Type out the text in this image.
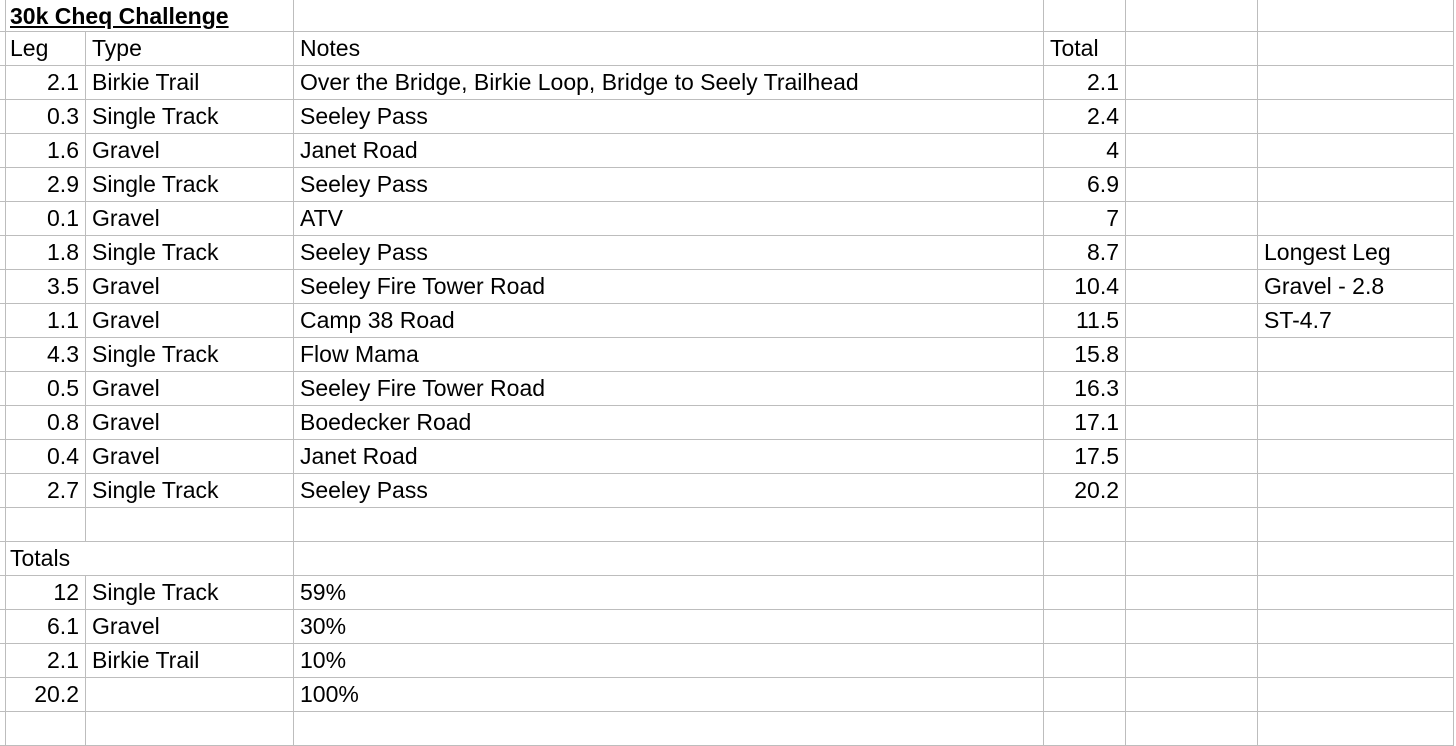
30k Cheq Challenge
Leg	Type	Notes	Total
2.1 Birkie Trail	Over the Bridge, Birkie Loop, Bridge to Seely Trailhead	2.1
0.3 Single Track	Seeley Pass	2.4
1.6 Gravel	Janet Road	4
2.9 Single Track	Seeley Pass	6.9
0.1 Gravel	ATV	7
1.8 Single Track	Seeley Pass	8.7	Longest Leg
3.5 Gravel	Seeley Fire Tower Road	10.4	Gravel - 2.8
1.1 Gravel	Camp 38 Road	11.5	ST-4.7
4.3 Single Track	Flow Mama	15.8
0.5 Gravel	Seeley Fire Tower Road	16.3
0.8 Gravel	Boedecker Road	17.1
0.4 Gravel	Janet Road	17.5
2.7 Single Track	Seeley Pass	20.2
Totals
12 Single Track	59%
6.1 Gravel	30%
2.1 Birkie Trail	10%
20.2	100%
